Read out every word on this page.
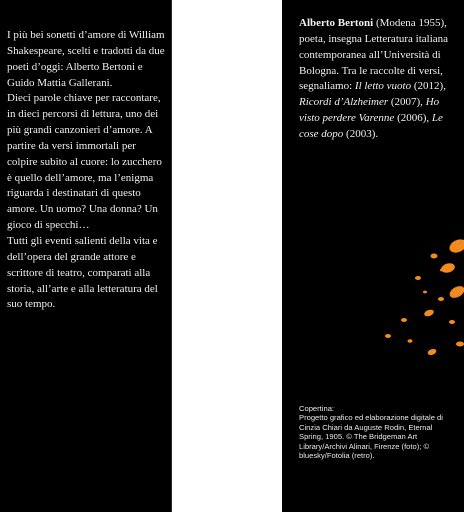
I più bei sonetti d’amore di William Shakespeare, scelti e tradotti da due poeti d’oggi: Alberto Bertoni e Guido Mattia Gallerani.

Dieci parole chiave per raccontare, in dieci percorsi di lettura, uno dei più grandi canzonieri d’amore. A partire da versi immortali per colpire subito al cuore: lo zucchero è quello dell’amore, ma l’enigma riguarda i destinatari di questo amore. Un uomo? Una donna? Un gioco di specchi…

Tutti gli eventi salienti della vita e dell’opera del grande attore e scrittore di teatro, comparati alla storia, all’arte e alla letteratura del suo tempo.

Alberto Bertoni (Modena 1955), poeta, insegna Letteratura italiana contemporanea all’Università di Bologna. Tra le raccolte di versi, segnaliamo: Il letto vuoto (2012), Ricordi d’Alzheimer (2007), Ho visto perdere Varenne (2006), Le cose dopo (2003).

Copertina:

Progetto grafico ed elaborazione digitale di Cinzia Chiari da Auguste Rodin, Eternal Spring, 1905. © The Bridgeman Art Library/Archivi Alinari, Firenze (foto); © bluesky/Fotolia (retro).
